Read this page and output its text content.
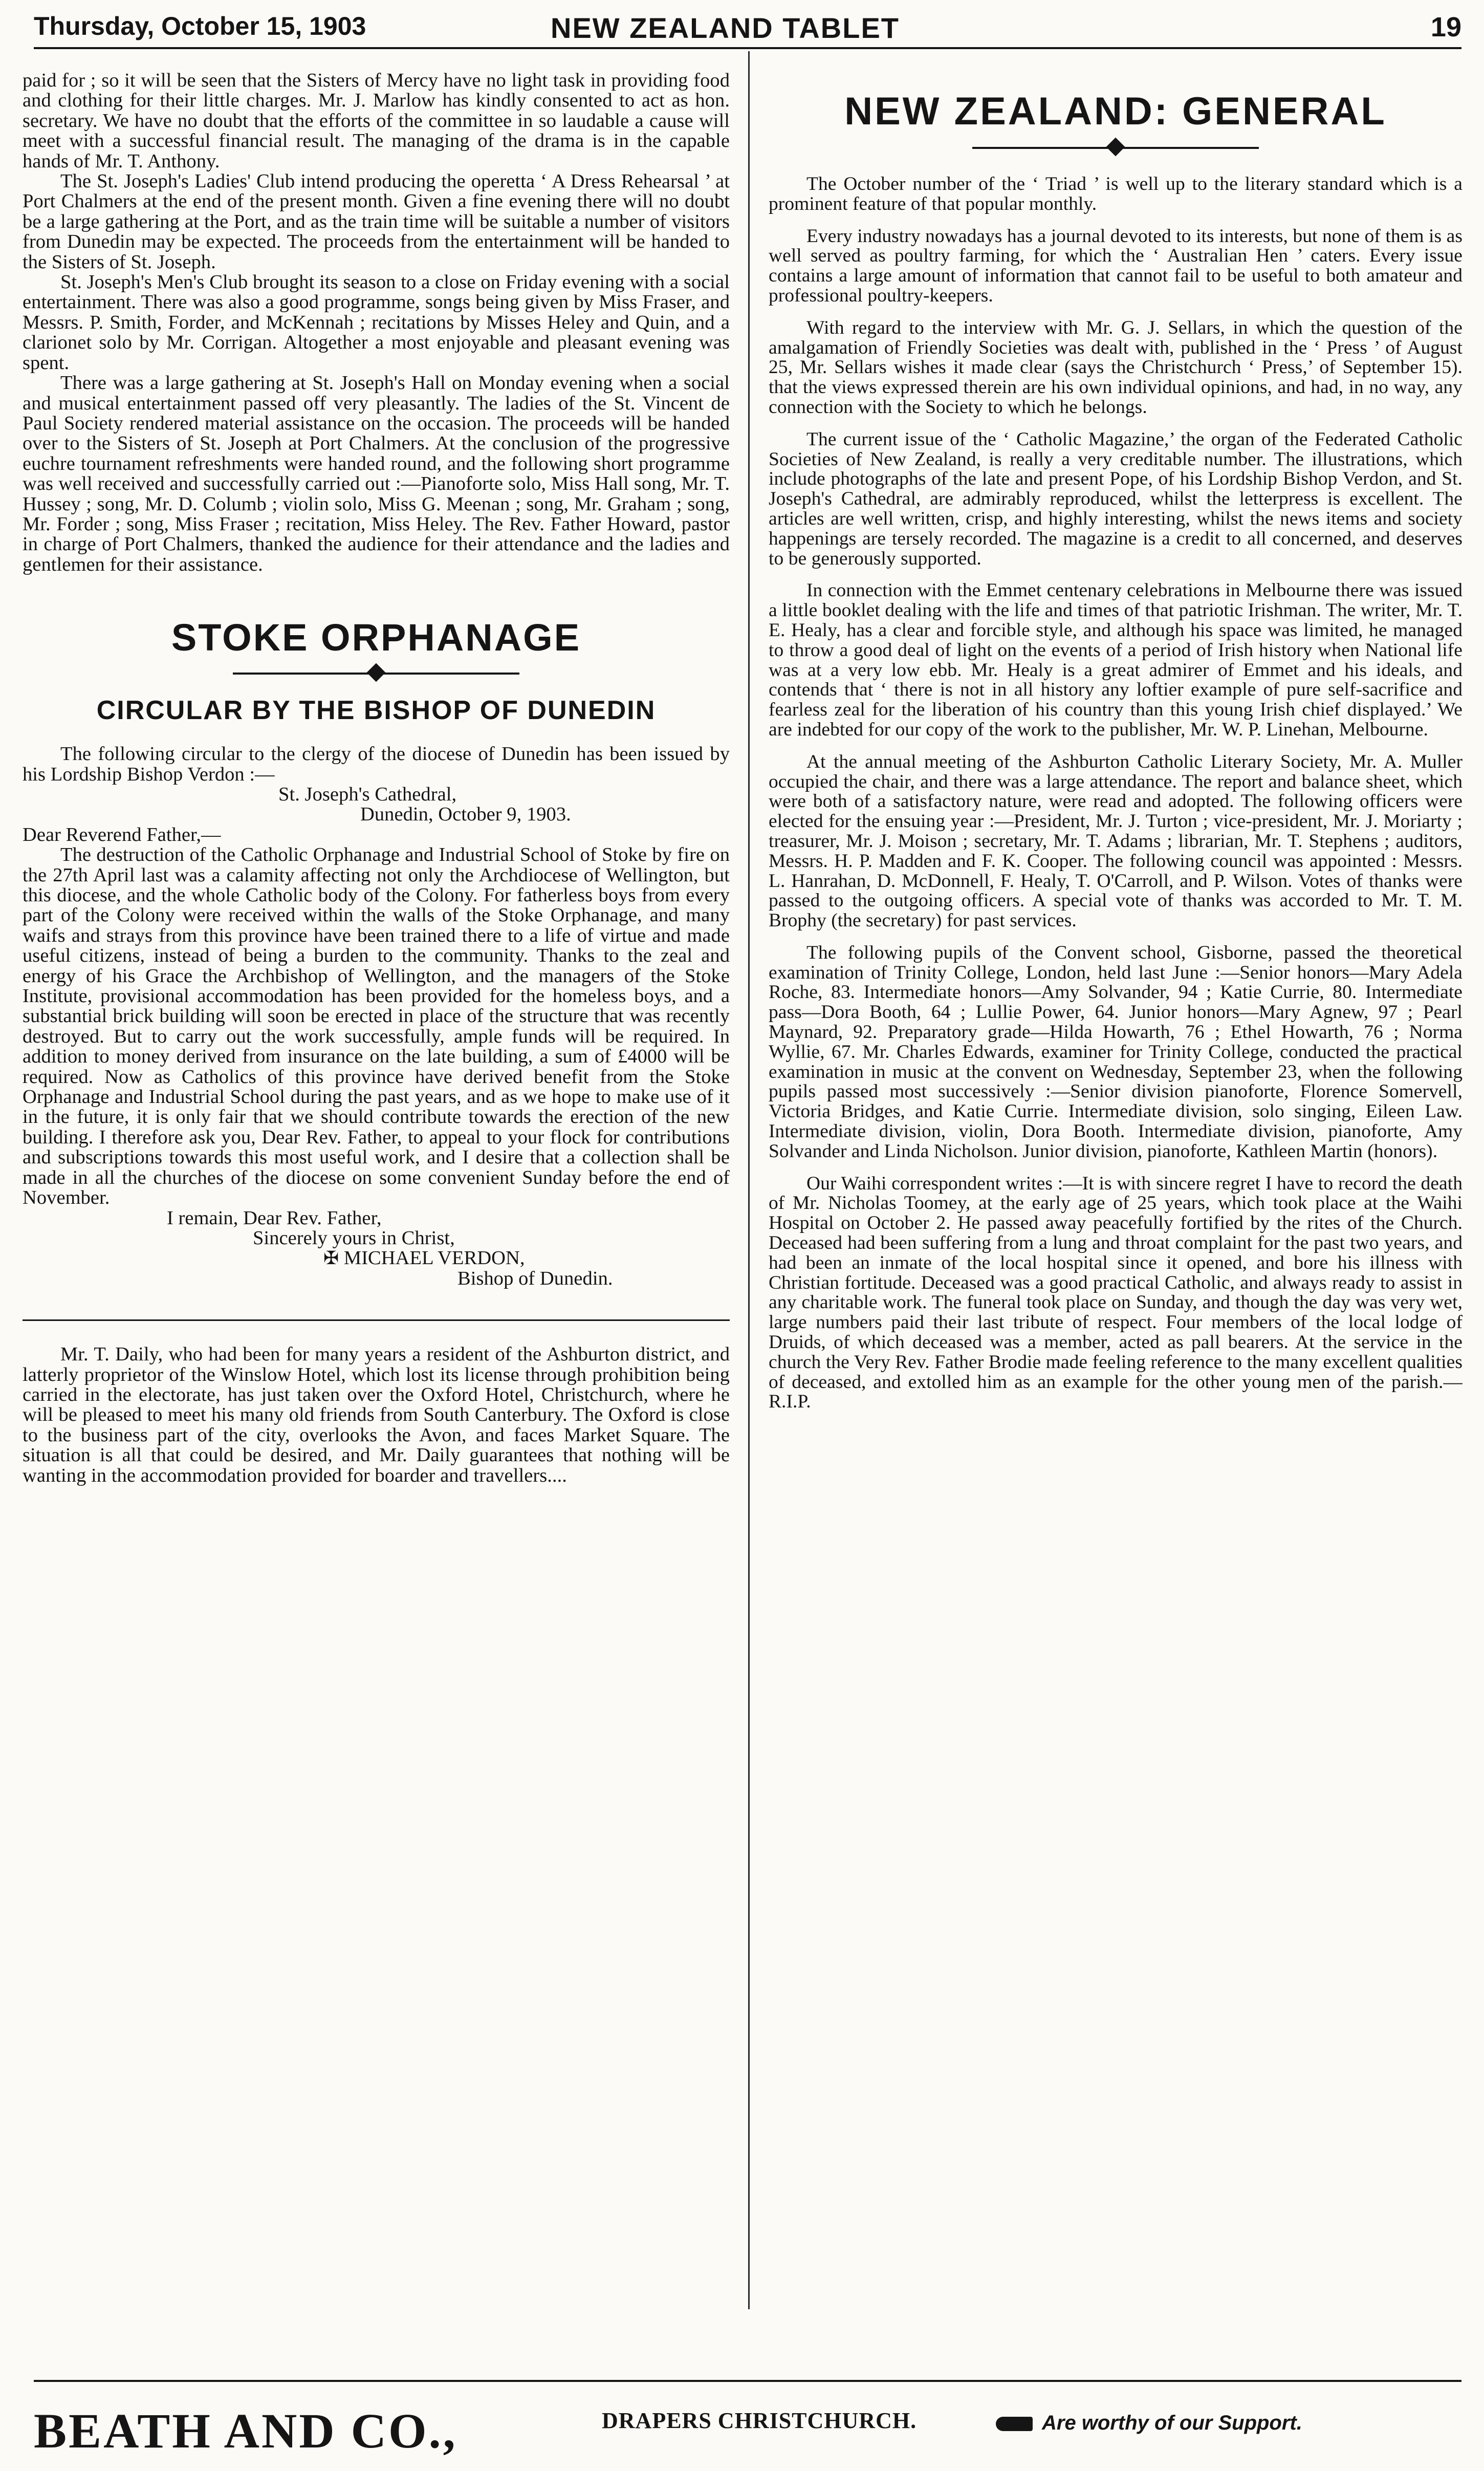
Thursday, October 15, 1903	NEW ZEALAND TABLET	19

paid for ; so it will be seen that the Sisters of Mercy have no light task in providing food and clothing for their little charges. Mr. J. Marlow has kindly consented to act as hon. secretary. We have no doubt that the efforts of the committee in so laudable a cause will meet with a successful financial result. The managing of the drama is in the capable hands of Mr. T. Anthony.

The St. Joseph's Ladies' Club intend producing the operetta ‘ A Dress Rehearsal ’ at Port Chalmers at the end of the present month. Given a fine evening there will no doubt be a large gathering at the Port, and as the train time will be suitable a number of visitors from Dunedin may be expected. The proceeds from the entertainment will be handed to the Sisters of St. Joseph.

St. Joseph's Men's Club brought its season to a close on Friday evening with a social entertainment. There was also a good programme, songs being given by Miss Fraser, and Messrs. P. Smith, Forder, and McKennah ; recitations by Misses Heley and Quin, and a clarionet solo by Mr. Corrigan. Altogether a most enjoyable and pleasant evening was spent.

There was a large gathering at St. Joseph's Hall on Monday evening when a social and musical entertainment passed off very pleasantly. The ladies of the St. Vincent de Paul Society rendered material assistance on the occasion. The proceeds will be handed over to the Sisters of St. Joseph at Port Chalmers. At the conclusion of the progressive euchre tournament refreshments were handed round, and the following short programme was well received and successfully carried out :—Pianoforte solo, Miss Hall song, Mr. T. Hussey ; song, Mr. D. Columb ; violin solo, Miss G. Meenan ; song, Mr. Graham ; song, Mr. Forder ; song, Miss Fraser ; recitation, Miss Heley. The Rev. Father Howard, pastor in charge of Port Chalmers, thanked the audience for their attendance and the ladies and gentlemen for their assistance.

STOKE ORPHANAGE
CIRCULAR BY THE BISHOP OF DUNEDIN

The following circular to the clergy of the diocese of Dunedin has been issued by his Lordship Bishop Verdon :—

St. Joseph's Cathedral,

Dunedin, October 9, 1903.

Dear Reverend Father,—

The destruction of the Catholic Orphanage and Industrial School of Stoke by fire on the 27th April last was a calamity affecting not only the Archdiocese of Wellington, but this diocese, and the whole Catholic body of the Colony. For fatherless boys from every part of the Colony were received within the walls of the Stoke Orphanage, and many waifs and strays from this province have been trained there to a life of virtue and made useful citizens, instead of being a burden to the community. Thanks to the zeal and energy of his Grace the Archbishop of Wellington, and the managers of the Stoke Institute, provisional accommodation has been provided for the homeless boys, and a substantial brick building will soon be erected in place of the structure that was recently destroyed. But to carry out the work successfully, ample funds will be required. In addition to money derived from insurance on the late building, a sum of £4000 will be required. Now as Catholics of this province have derived benefit from the Stoke Orphanage and Industrial School during the past years, and as we hope to make use of it in the future, it is only fair that we should contribute towards the erection of the new building. I therefore ask you, Dear Rev. Father, to appeal to your flock for contributions and subscriptions towards this most useful work, and I desire that a collection shall be made in all the churches of the diocese on some convenient Sunday before the end of November.

I remain, Dear Rev. Father,

Sincerely yours in Christ,

✠ MICHAEL VERDON,

Bishop of Dunedin.

Mr. T. Daily, who had been for many years a resident of the Ashburton district, and latterly proprietor of the Winslow Hotel, which lost its license through prohibition being carried in the electorate, has just taken over the Oxford Hotel, Christchurch, where he will be pleased to meet his many old friends from South Canterbury. The Oxford is close to the business part of the city, overlooks the Avon, and faces Market Square. The situation is all that could be desired, and Mr. Daily guarantees that nothing will be wanting in the accommodation provided for boarder and travellers....

NEW ZEALAND: GENERAL

The October number of the ‘ Triad ’ is well up to the literary standard which is a prominent feature of that popular monthly.

Every industry nowadays has a journal devoted to its interests, but none of them is as well served as poultry farming, for which the ‘ Australian Hen ’ caters. Every issue contains a large amount of information that cannot fail to be useful to both amateur and professional poultry-keepers.

With regard to the interview with Mr. G. J. Sellars, in which the question of the amalgamation of Friendly Societies was dealt with, published in the ‘ Press ’ of August 25, Mr. Sellars wishes it made clear (says the Christchurch ‘ Press,’ of September 15). that the views expressed therein are his own individual opinions, and had, in no way, any connection with the Society to which he belongs.

The current issue of the ‘ Catholic Magazine,’ the organ of the Federated Catholic Societies of New Zealand, is really a very creditable number. The illustrations, which include photographs of the late and present Pope, of his Lordship Bishop Verdon, and St. Joseph's Cathedral, are admirably reproduced, whilst the letterpress is excellent. The articles are well written, crisp, and highly interesting, whilst the news items and society happenings are tersely recorded. The magazine is a credit to all concerned, and deserves to be generously supported.

In connection with the Emmet centenary celebrations in Melbourne there was issued a little booklet dealing with the life and times of that patriotic Irishman. The writer, Mr. T. E. Healy, has a clear and forcible style, and although his space was limited, he managed to throw a good deal of light on the events of a period of Irish history when National life was at a very low ebb. Mr. Healy is a great admirer of Emmet and his ideals, and contends that ‘ there is not in all history any loftier example of pure self-sacrifice and fearless zeal for the liberation of his country than this young Irish chief displayed.’ We are indebted for our copy of the work to the publisher, Mr. W. P. Linehan, Melbourne.

At the annual meeting of the Ashburton Catholic Literary Society, Mr. A. Muller occupied the chair, and there was a large attendance. The report and balance sheet, which were both of a satisfactory nature, were read and adopted. The following officers were elected for the ensuing year :—President, Mr. J. Turton ; vice-president, Mr. J. Moriarty ; treasurer, Mr. J. Moison ; secretary, Mr. T. Adams ; librarian, Mr. T. Stephens ; auditors, Messrs. H. P. Madden and F. K. Cooper. The following council was appointed : Messrs. L. Hanrahan, D. McDonnell, F. Healy, T. O'Carroll, and P. Wilson. Votes of thanks were passed to the outgoing officers. A special vote of thanks was accorded to Mr. T. M. Brophy (the secretary) for past services.

The following pupils of the Convent school, Gisborne, passed the theoretical examination of Trinity College, London, held last June :—Senior honors—Mary Adela Roche, 83. Intermediate honors—Amy Solvander, 94 ; Katie Currie, 80. Intermediate pass—Dora Booth, 64 ; Lullie Power, 64. Junior honors—Mary Agnew, 97 ; Pearl Maynard, 92. Preparatory grade—Hilda Howarth, 76 ; Ethel Howarth, 76 ; Norma Wyllie, 67. Mr. Charles Edwards, examiner for Trinity College, conducted the practical examination in music at the convent on Wednesday, September 23, when the following pupils passed most successively :—Senior division pianoforte, Florence Somervell, Victoria Bridges, and Katie Currie. Intermediate division, solo singing, Eileen Law. Intermediate division, violin, Dora Booth. Intermediate division, pianoforte, Amy Solvander and Linda Nicholson. Junior division, pianoforte, Kathleen Martin (honors).

Our Waihi correspondent writes :—It is with sincere regret I have to record the death of Mr. Nicholas Toomey, at the early age of 25 years, which took place at the Waihi Hospital on October 2. He passed away peacefully fortified by the rites of the Church. Deceased had been suffering from a lung and throat complaint for the past two years, and had been an inmate of the local hospital since it opened, and bore his illness with Christian fortitude. Deceased was a good practical Catholic, and always ready to assist in any charitable work. The funeral took place on Sunday, and though the day was very wet, large numbers paid their last tribute of respect. Four members of the local lodge of Druids, of which deceased was a member, acted as pall bearers. At the service in the church the Very Rev. Father Brodie made feeling reference to the many excellent qualities of deceased, and extolled him as an example for the other young men of the parish.—R.I.P.

BEATH AND CO.,	DRAPERS CHRISTCHURCH.	Are worthy of our Support.
